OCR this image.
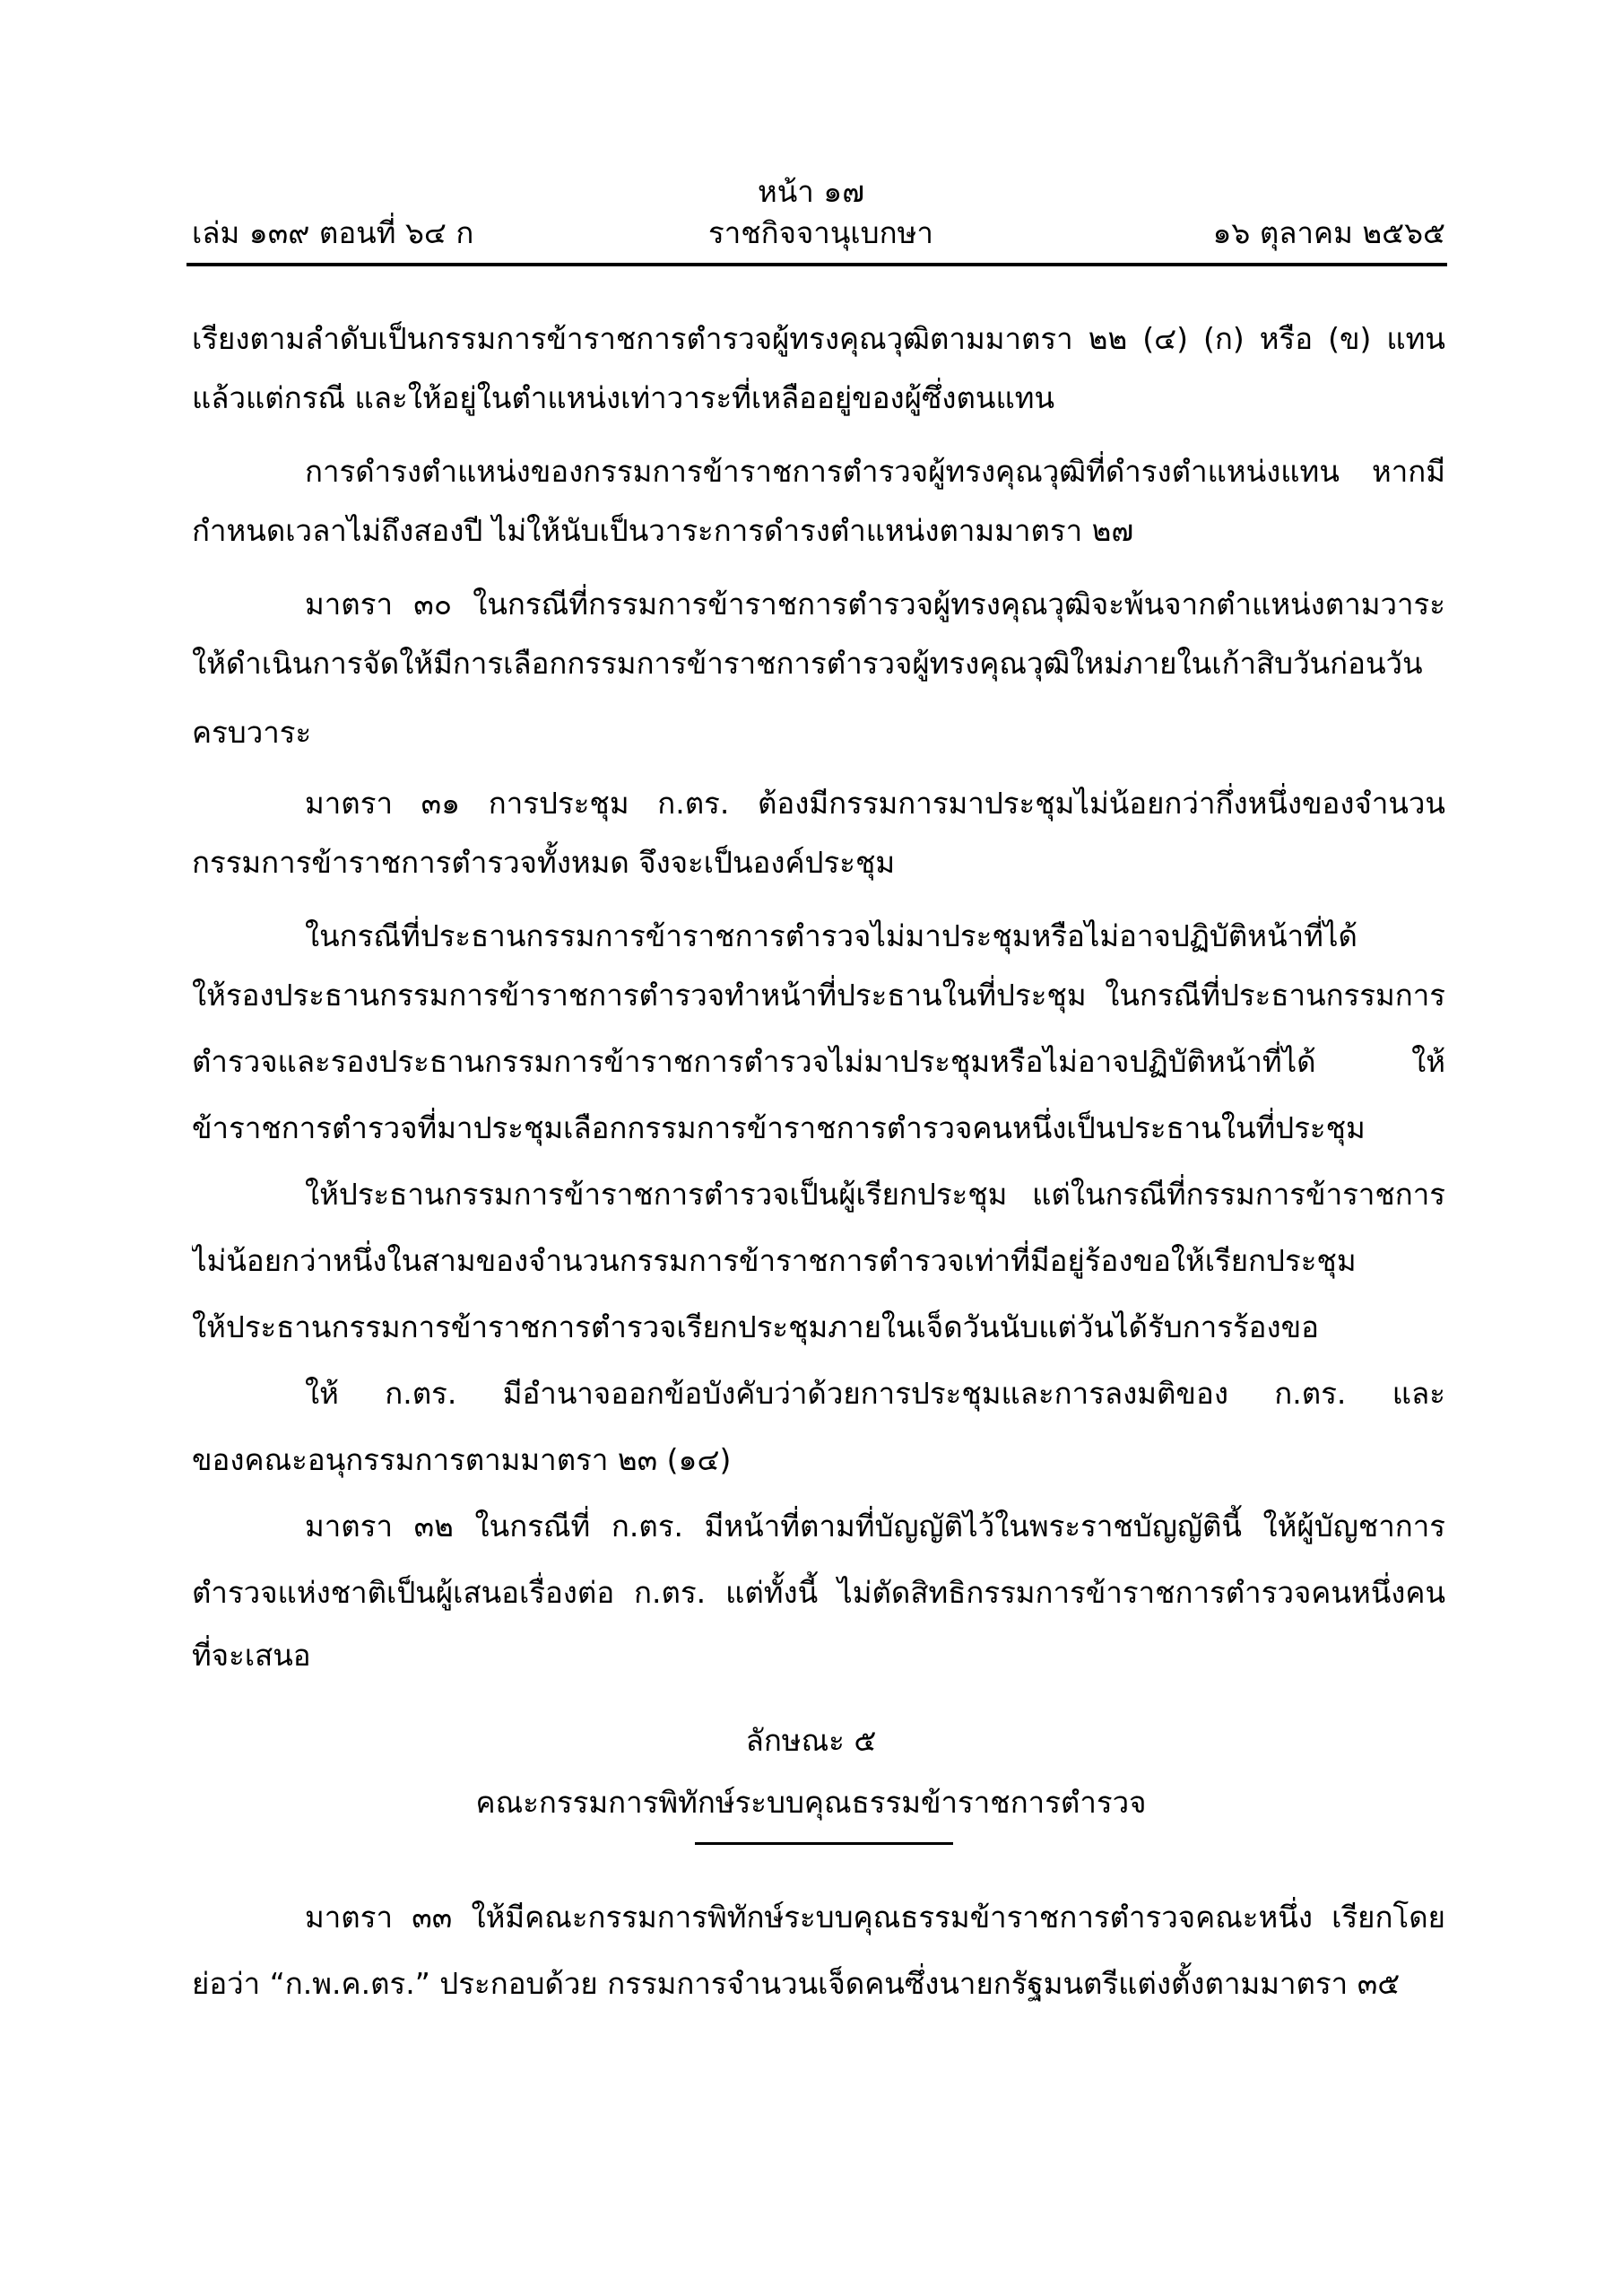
หน้า ๑๗
เล่ม ๑๓๙ ตอนที่ ๖๔ ก	ราชกิจจานุเบกษา	๑๖ ตุลาคม ๒๕๖๕
เรียงตามลำดับเป็นกรรมการข้าราชการตำรวจผู้ทรงคุณวุฒิตามมาตรา ๒๒ (๔) (ก) หรือ (ข) แทน
แล้วแต่กรณี และให้อยู่ในตำแหน่งเท่าวาระที่เหลืออยู่ของผู้ซึ่งตนแทน
การดำรงตำแหน่งของกรรมการข้าราชการตำรวจผู้ทรงคุณวุฒิที่ดำรงตำแหน่งแทน หากมี
กำหนดเวลาไม่ถึงสองปี ไม่ให้นับเป็นวาระการดำรงตำแหน่งตามมาตรา ๒๗
มาตรา ๓๐ ในกรณีที่กรรมการข้าราชการตำรวจผู้ทรงคุณวุฒิจะพ้นจากตำแหน่งตามวาระ
ให้ดำเนินการจัดให้มีการเลือกกรรมการข้าราชการตำรวจผู้ทรงคุณวุฒิใหม่ภายในเก้าสิบวันก่อนวัน
ครบวาระ
มาตรา ๓๑ การประชุม ก.ตร. ต้องมีกรรมการมาประชุมไม่น้อยกว่ากึ่งหนึ่งของจำนวน
กรรมการข้าราชการตำรวจทั้งหมด จึงจะเป็นองค์ประชุม
ในกรณีที่ประธานกรรมการข้าราชการตำรวจไม่มาประชุมหรือไม่อาจปฏิบัติหน้าที่ได้
ให้รองประธานกรรมการข้าราชการตำรวจทำหน้าที่ประธานในที่ประชุม ในกรณีที่ประธานกรรมการ
ตำรวจและรองประธานกรรมการข้าราชการตำรวจไม่มาประชุมหรือไม่อาจปฏิบัติหน้าที่ได้ ให้
ข้าราชการตำรวจที่มาประชุมเลือกกรรมการข้าราชการตำรวจคนหนึ่งเป็นประธานในที่ประชุม
ให้ประธานกรรมการข้าราชการตำรวจเป็นผู้เรียกประชุม แต่ในกรณีที่กรรมการข้าราชการ
ไม่น้อยกว่าหนึ่งในสามของจำนวนกรรมการข้าราชการตำรวจเท่าที่มีอยู่ร้องขอให้เรียกประชุม
ให้ประธานกรรมการข้าราชการตำรวจเรียกประชุมภายในเจ็ดวันนับแต่วันได้รับการร้องขอ
ให้ ก.ตร. มีอำนาจออกข้อบังคับว่าด้วยการประชุมและการลงมติของ ก.ตร. และ
ของคณะอนุกรรมการตามมาตรา ๒๓ (๑๔)
มาตรา ๓๒ ในกรณีที่ ก.ตร. มีหน้าที่ตามที่บัญญัติไว้ในพระราชบัญญัตินี้ ให้ผู้บัญชาการ
ตำรวจแห่งชาติเป็นผู้เสนอเรื่องต่อ ก.ตร. แต่ทั้งนี้ ไม่ตัดสิทธิกรรมการข้าราชการตำรวจคนหนึ่งคน
ที่จะเสนอ
ลักษณะ ๕
คณะกรรมการพิทักษ์ระบบคุณธรรมข้าราชการตำรวจ
มาตรา ๓๓ ให้มีคณะกรรมการพิทักษ์ระบบคุณธรรมข้าราชการตำรวจคณะหนึ่ง เรียกโดย
ย่อว่า “ก.พ.ค.ตร.” ประกอบด้วย กรรมการจำนวนเจ็ดคนซึ่งนายกรัฐมนตรีแต่งตั้งตามมาตรา ๓๕
